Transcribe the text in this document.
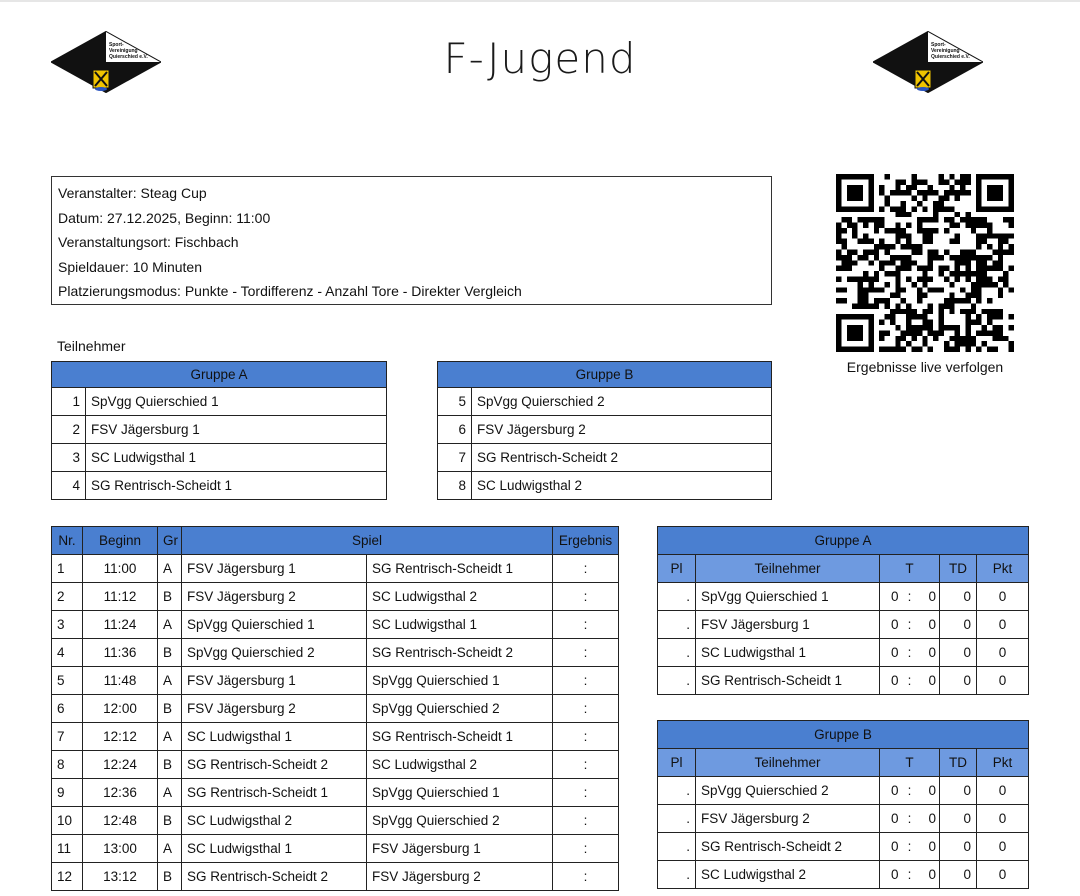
Sport-
Vereinigung
Quierschied e.V.	F-Jugend	Sport-
Vereinigung
Quierschied e.V.
Veranstalter: Steag Cup
Datum: 27.12.2025, Beginn: 11:00
Veranstaltungsort: Fischbach
Spieldauer: 10 Minuten
Platzierungsmodus: Punkte - Tordifferenz - Anzahl Tore - Direkter Vergleich
Ergebnisse live verfolgen
Teilnehmer
Gruppe A	
1	SpVgg Quierschied 1
2	FSV Jägersburg 1
3	SC Ludwigsthal 1
4	SG Rentrisch-Scheidt 1
Gruppe B	
5	SpVgg Quierschied 2
6	FSV Jägersburg 2
7	SG Rentrisch-Scheidt 2
8	SC Ludwigsthal 2
Nr.	Beginn	Gr	Spiel		Ergebnis
1	11:00	A	FSV Jägersburg 1	SG Rentrisch-Scheidt 1	:
2	11:12	B	FSV Jägersburg 2	SC Ludwigsthal 2	:
3	11:24	A	SpVgg Quierschied 1	SC Ludwigsthal 1	:
4	11:36	B	SpVgg Quierschied 2	SG Rentrisch-Scheidt 2	:
5	11:48	A	FSV Jägersburg 1	SpVgg Quierschied 1	:
6	12:00	B	FSV Jägersburg 2	SpVgg Quierschied 2	:
7	12:12	A	SC Ludwigsthal 1	SG Rentrisch-Scheidt 1	:
8	12:24	B	SG Rentrisch-Scheidt 2	SC Ludwigsthal 2	:
9	12:36	A	SG Rentrisch-Scheidt 1	SpVgg Quierschied 1	:
10	12:48	B	SC Ludwigsthal 2	SpVgg Quierschied 2	:
11	13:00	A	SC Ludwigsthal 1	FSV Jägersburg 1	:
12	13:12	B	SG Rentrisch-Scheidt 2	FSV Jägersburg 2	:
Gruppe A						
Pl	Teilnehmer	T			TD	Pkt
.	SpVgg Quierschied 1	0	:	0	0	0
.	FSV Jägersburg 1	0	:	0	0	0
.	SC Ludwigsthal 1	0	:	0	0	0
.	SG Rentrisch-Scheidt 1	0	:	0	0	0
Gruppe B						
Pl	Teilnehmer	T			TD	Pkt
.	SpVgg Quierschied 2	0	:	0	0	0
.	FSV Jägersburg 2	0	:	0	0	0
.	SG Rentrisch-Scheidt 2	0	:	0	0	0
.	SC Ludwigsthal 2	0	:	0	0	0
